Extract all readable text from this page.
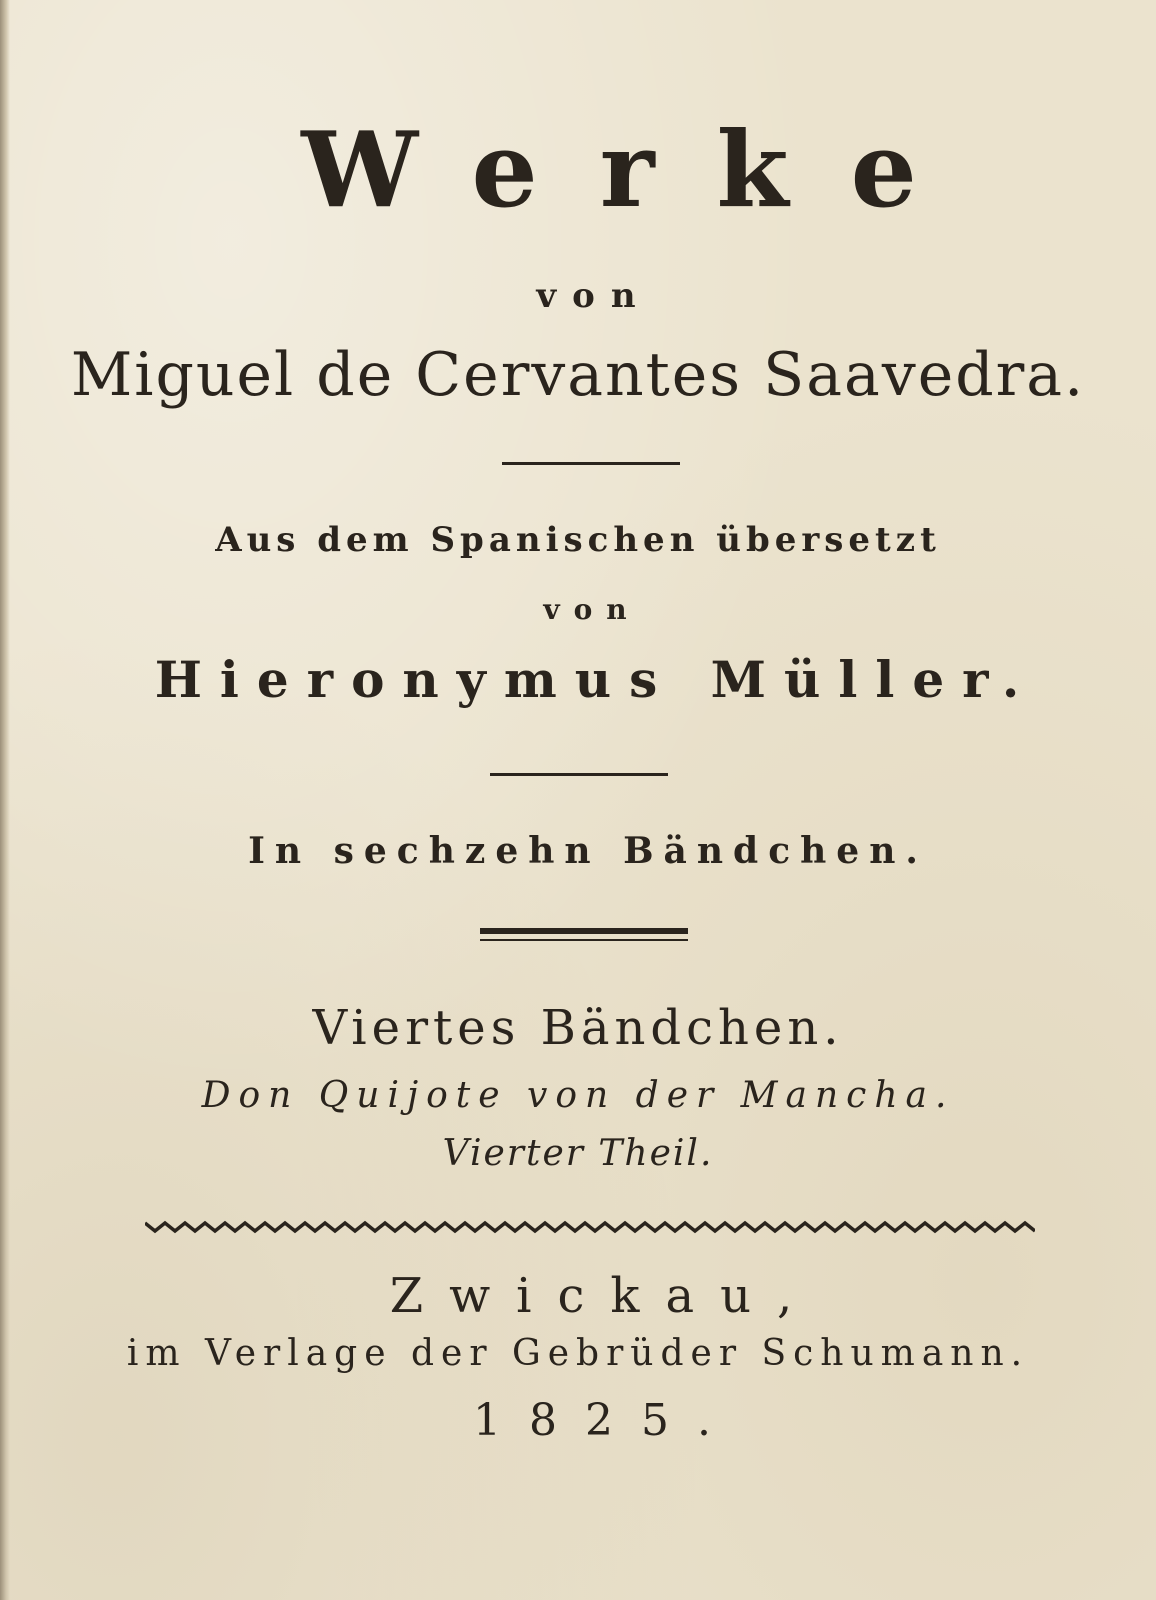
Werke
von
Miguel de Cervantes Saavedra.
Aus dem Spanischen übersetzt
von
Hieronymus Müller.
In sechzehn Bändchen.
Viertes Bändchen.
Don Quijote von der Mancha.
Vierter Theil.
Zwickau,
im Verlage der Gebrüder Schumann.
1825.
